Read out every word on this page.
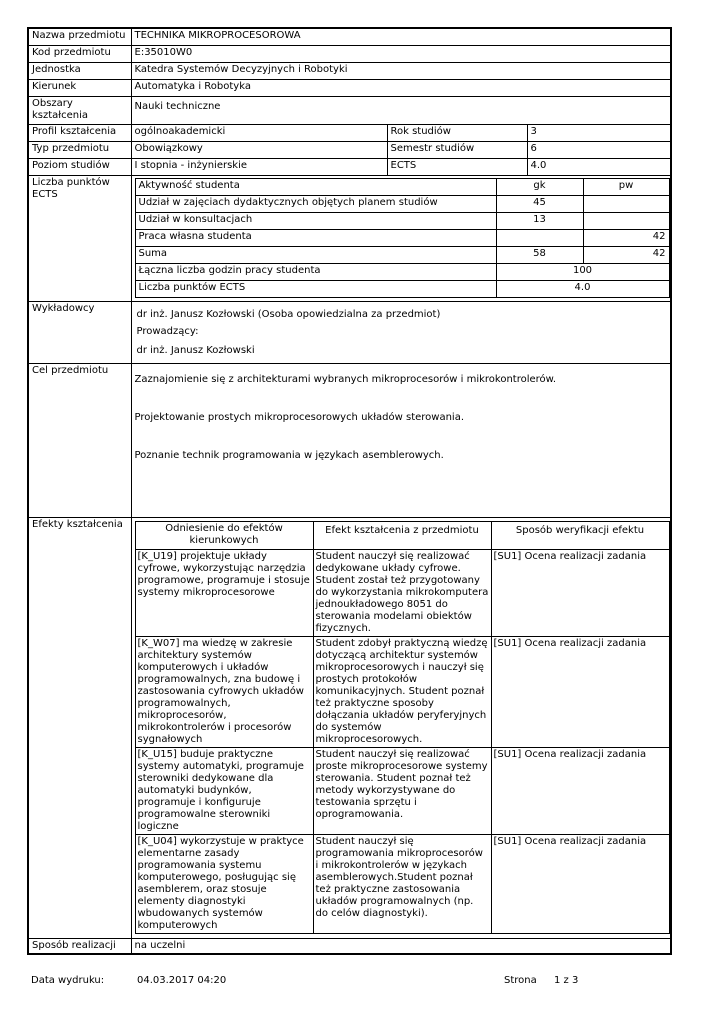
Nazwa przedmiotu	TECHNIKA MIKROPROCESOROWA
Kod przedmiotu	E:35010W0
Jednostka	Katedra Systemów Decyzyjnych i Robotyki
Kierunek	Automatyka i Robotyka
Obszary kształcenia	Nauki techniczne
Profil kształcenia	ogólnoakademicki	Rok studiów	3
Typ przedmiotu	Obowiązkowy	Semestr studiów	6
Poziom studiów	I stopnia - inżynierskie	ECTS	4.0
Liczba punktów ECTS	
Aktywność studenta	gk	pw
Udział w zajęciach dydaktycznych objętych planem studiów	45	
Udział w konsultacjach	13	
Praca własna studenta		42
Suma	58	42
Łączna liczba godzin pracy studenta	100
Liczba punktów ECTS	4.0

Wykładowcy	
dr inż. Janusz Kozłowski (Osoba opowiedzialna za przedmiot)
Prowadzący:
dr inż. Janusz Kozłowski

Cel przedmiotu	

Zaznajomienie się z architekturami wybranych mikroprocesorów i mikrokontrolerów.

Projektowanie prostych mikroprocesorowych układów sterowania.

Poznanie technik programowania w językach asemblerowych.

Efekty kształcenia		Odniesienie do efektów kierunkowych	Efekt kształcenia z przedmiotu	Sposób weryfikacji efektu
[K_U19] projektuje układy cyfrowe, wykorzystując narzędzia programowe, programuje i stosuje systemy mikroprocesorowe	Student nauczył się realizować dedykowane układy cyfrowe. Student został też przygotowany do wykorzystania mikrokomputera jednoukładowego 8051 do sterowania modelami obiektów fizycznych.	[SU1] Ocena realizacji zadania
[K_W07] ma wiedzę w zakresie architektury systemów komputerowych i układów programowalnych, zna budowę i zastosowania cyfrowych układów programowalnych, mikroprocesorów, mikrokontrolerów i procesorów sygnałowych	Student zdobył praktyczną wiedzę dotyczącą architektur systemów mikroprocesorowych i nauczył się prostych protokołów komunikacyjnych. Student poznał też praktyczne sposoby dołączania układów peryferyjnych do systemów mikroprocesorowych.	[SU1] Ocena realizacji zadania
[K_U15] buduje praktyczne systemy automatyki, programuje sterowniki dedykowane dla automatyki budynków, programuje i konfiguruje programowalne sterowniki logiczne	Student nauczył się realizować proste mikroprocesorowe systemy sterowania. Student poznał też metody wykorzystywane do testowania sprzętu i oprogramowania.	[SU1] Ocena realizacji zadania
[K_U04] wykorzystuje w praktyce elementarne zasady programowania systemu komputerowego, posługując się asemblerem, oraz stosuje elementy diagnostyki wbudowanych systemów komputerowych	Student nauczył się programowania mikroprocesorów i mikrokontrolerów w językach asemblerowych.Student poznał też praktyczne zastosowania układów programowalnych (np. do celów diagnostyki).	[SU1] Ocena realizacji zadania

Sposób realizacji	na uczelni
Data wydruku:	04.03.2017 04:20	Strona 1 z 3
